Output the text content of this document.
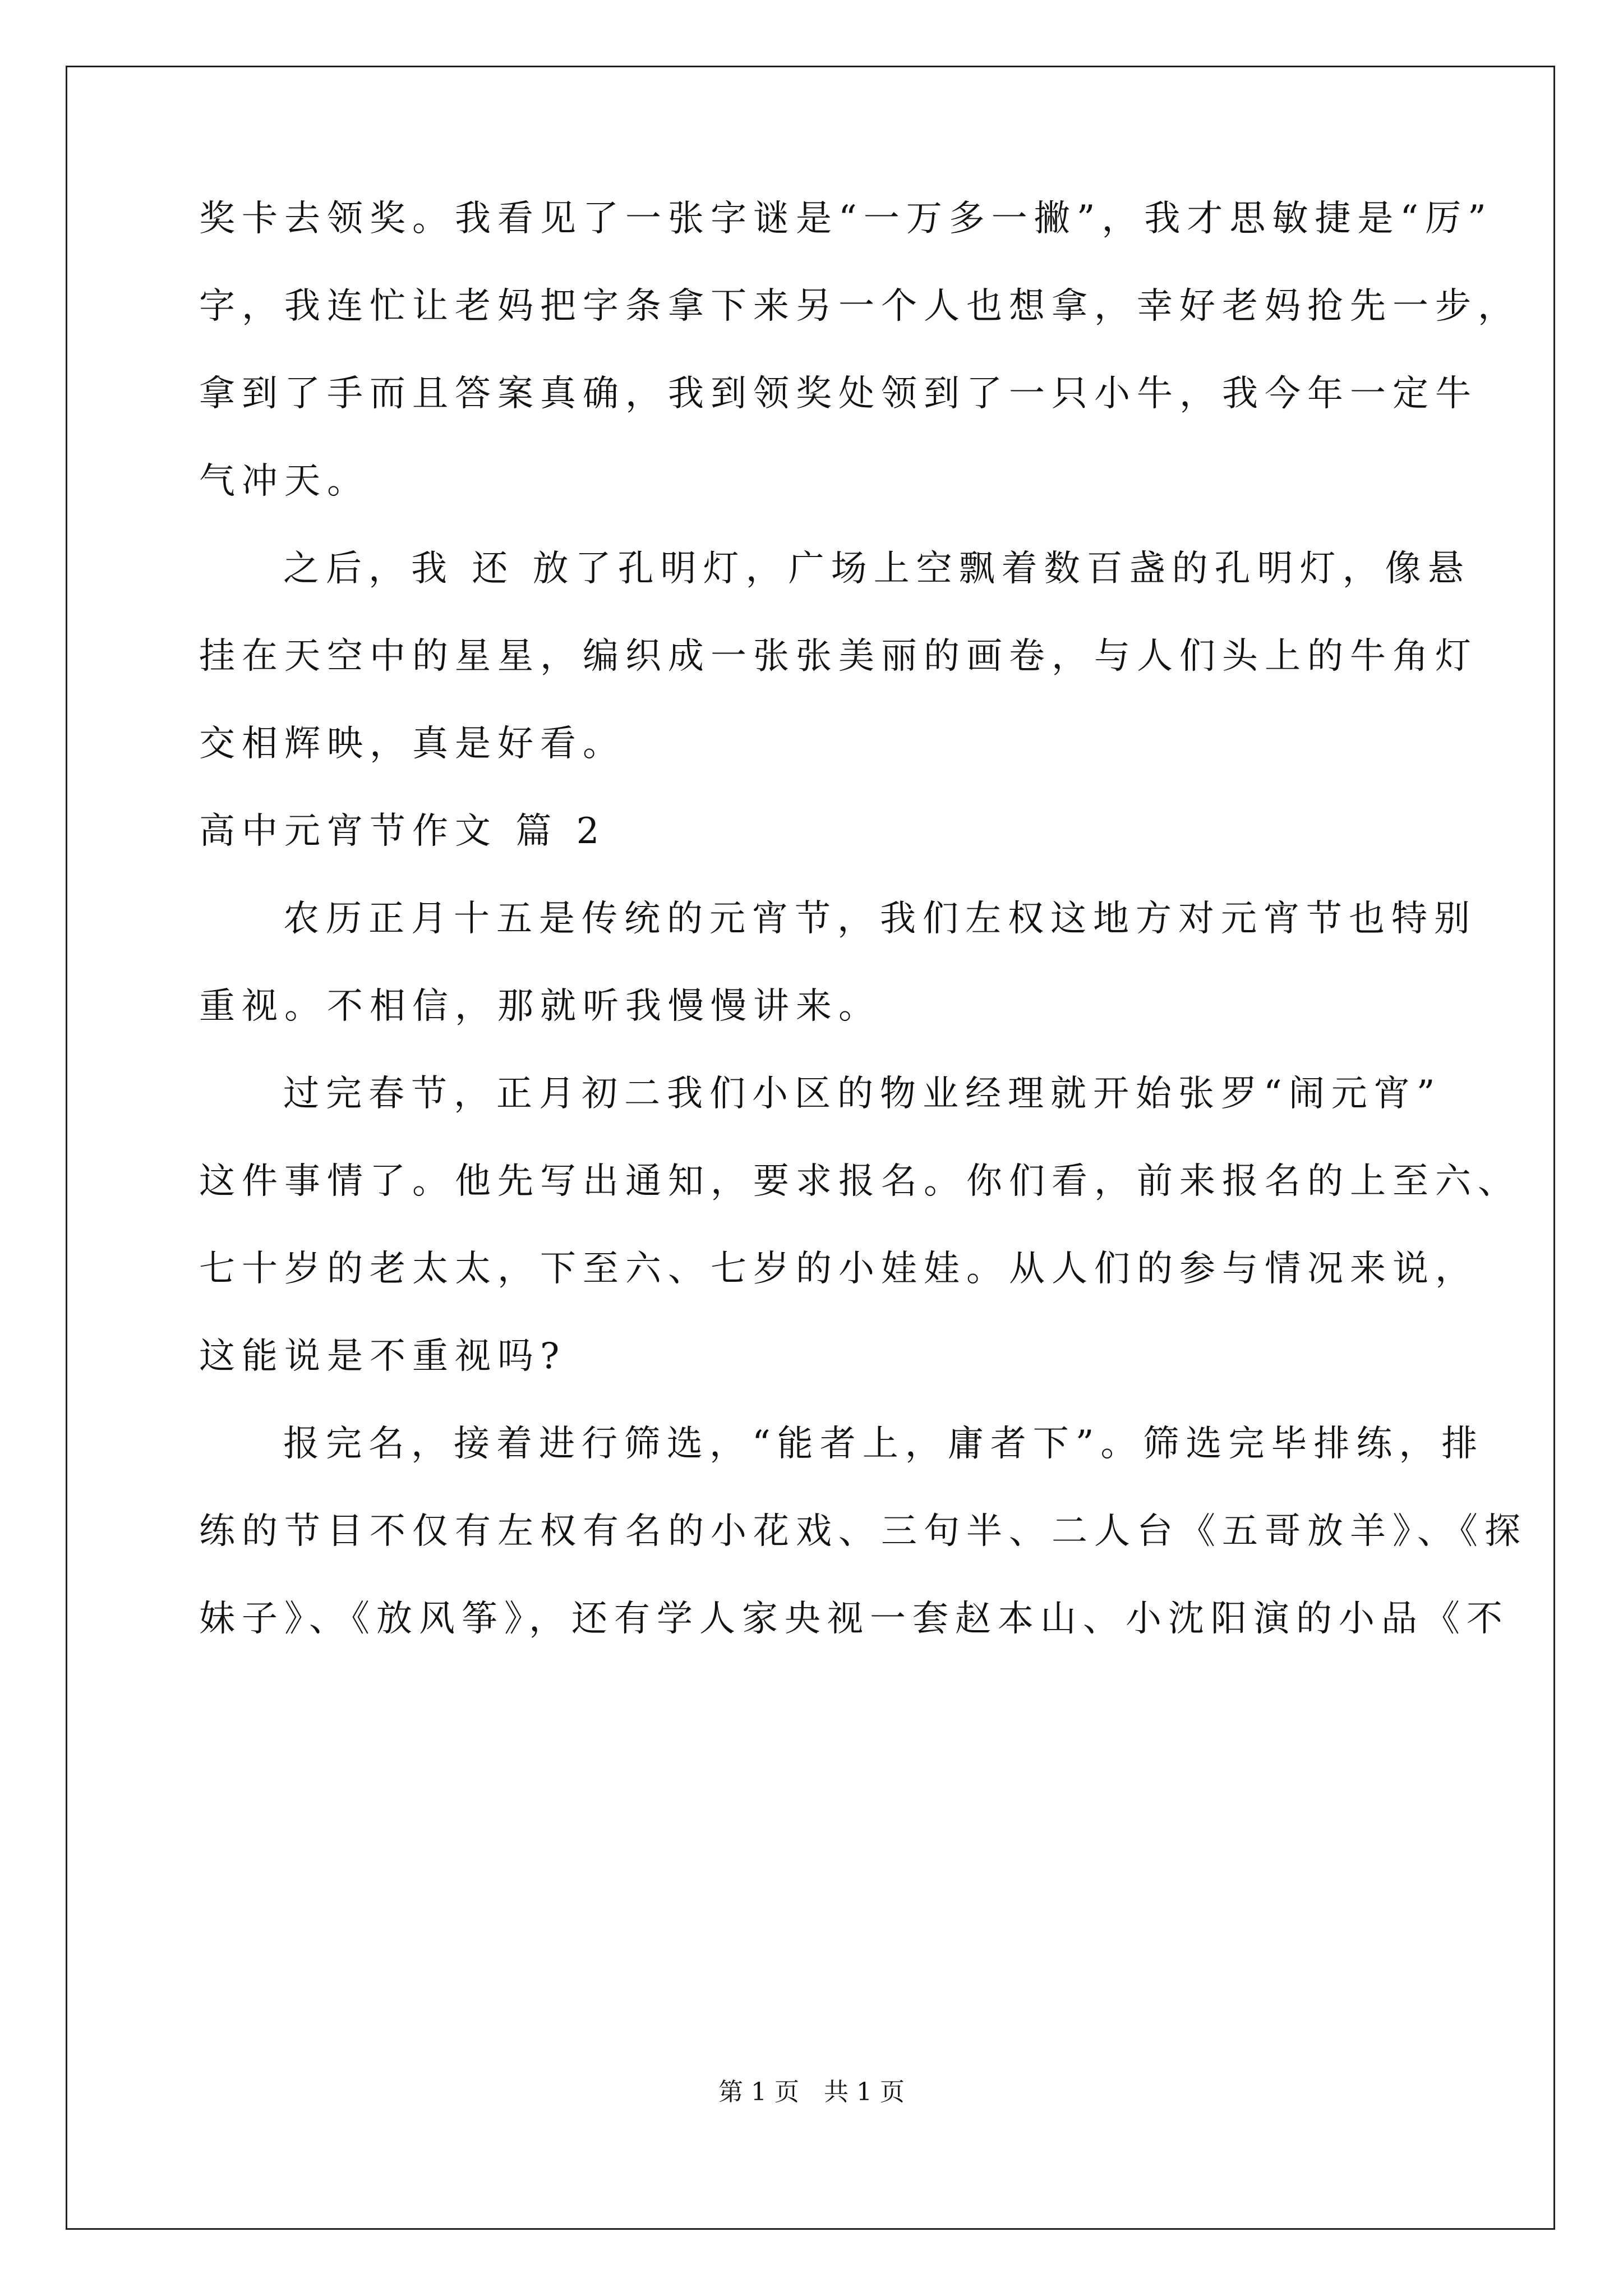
奖卡去领奖。我看见了一张字谜是“一万多一撇”，我才思敏捷是“厉”
字，我连忙让老妈把字条拿下来另一个人也想拿，幸好老妈抢先一步，
拿到了手而且答案真确，我到领奖处领到了一只小牛，我今年一定牛
气冲天。
之后，我 还 放了孔明灯，广场上空飘着数百盏的孔明灯，像悬
挂在天空中的星星，编织成一张张美丽的画卷，与人们头上的牛角灯
交相辉映，真是好看。
高中元宵节作文 篇 2
农历正月十五是传统的元宵节，我们左权这地方对元宵节也特别
重视。不相信，那就听我慢慢讲来。
过完春节，正月初二我们小区的物业经理就开始张罗“闹元宵”
这件事情了。他先写出通知，要求报名。你们看，前来报名的上至六、
七十岁的老太太，下至六、七岁的小娃娃。从人们的参与情况来说，
这能说是不重视吗?
报完名，接着进行筛选，“能者上，庸者下”。筛选完毕排练，排
练的节目不仅有左权有名的小花戏、三句半、二人台《五哥放羊》、《探
妹子》、《放风筝》，还有学人家央视一套赵本山、小沈阳演的小品《不
第 1 页　共 1 页
